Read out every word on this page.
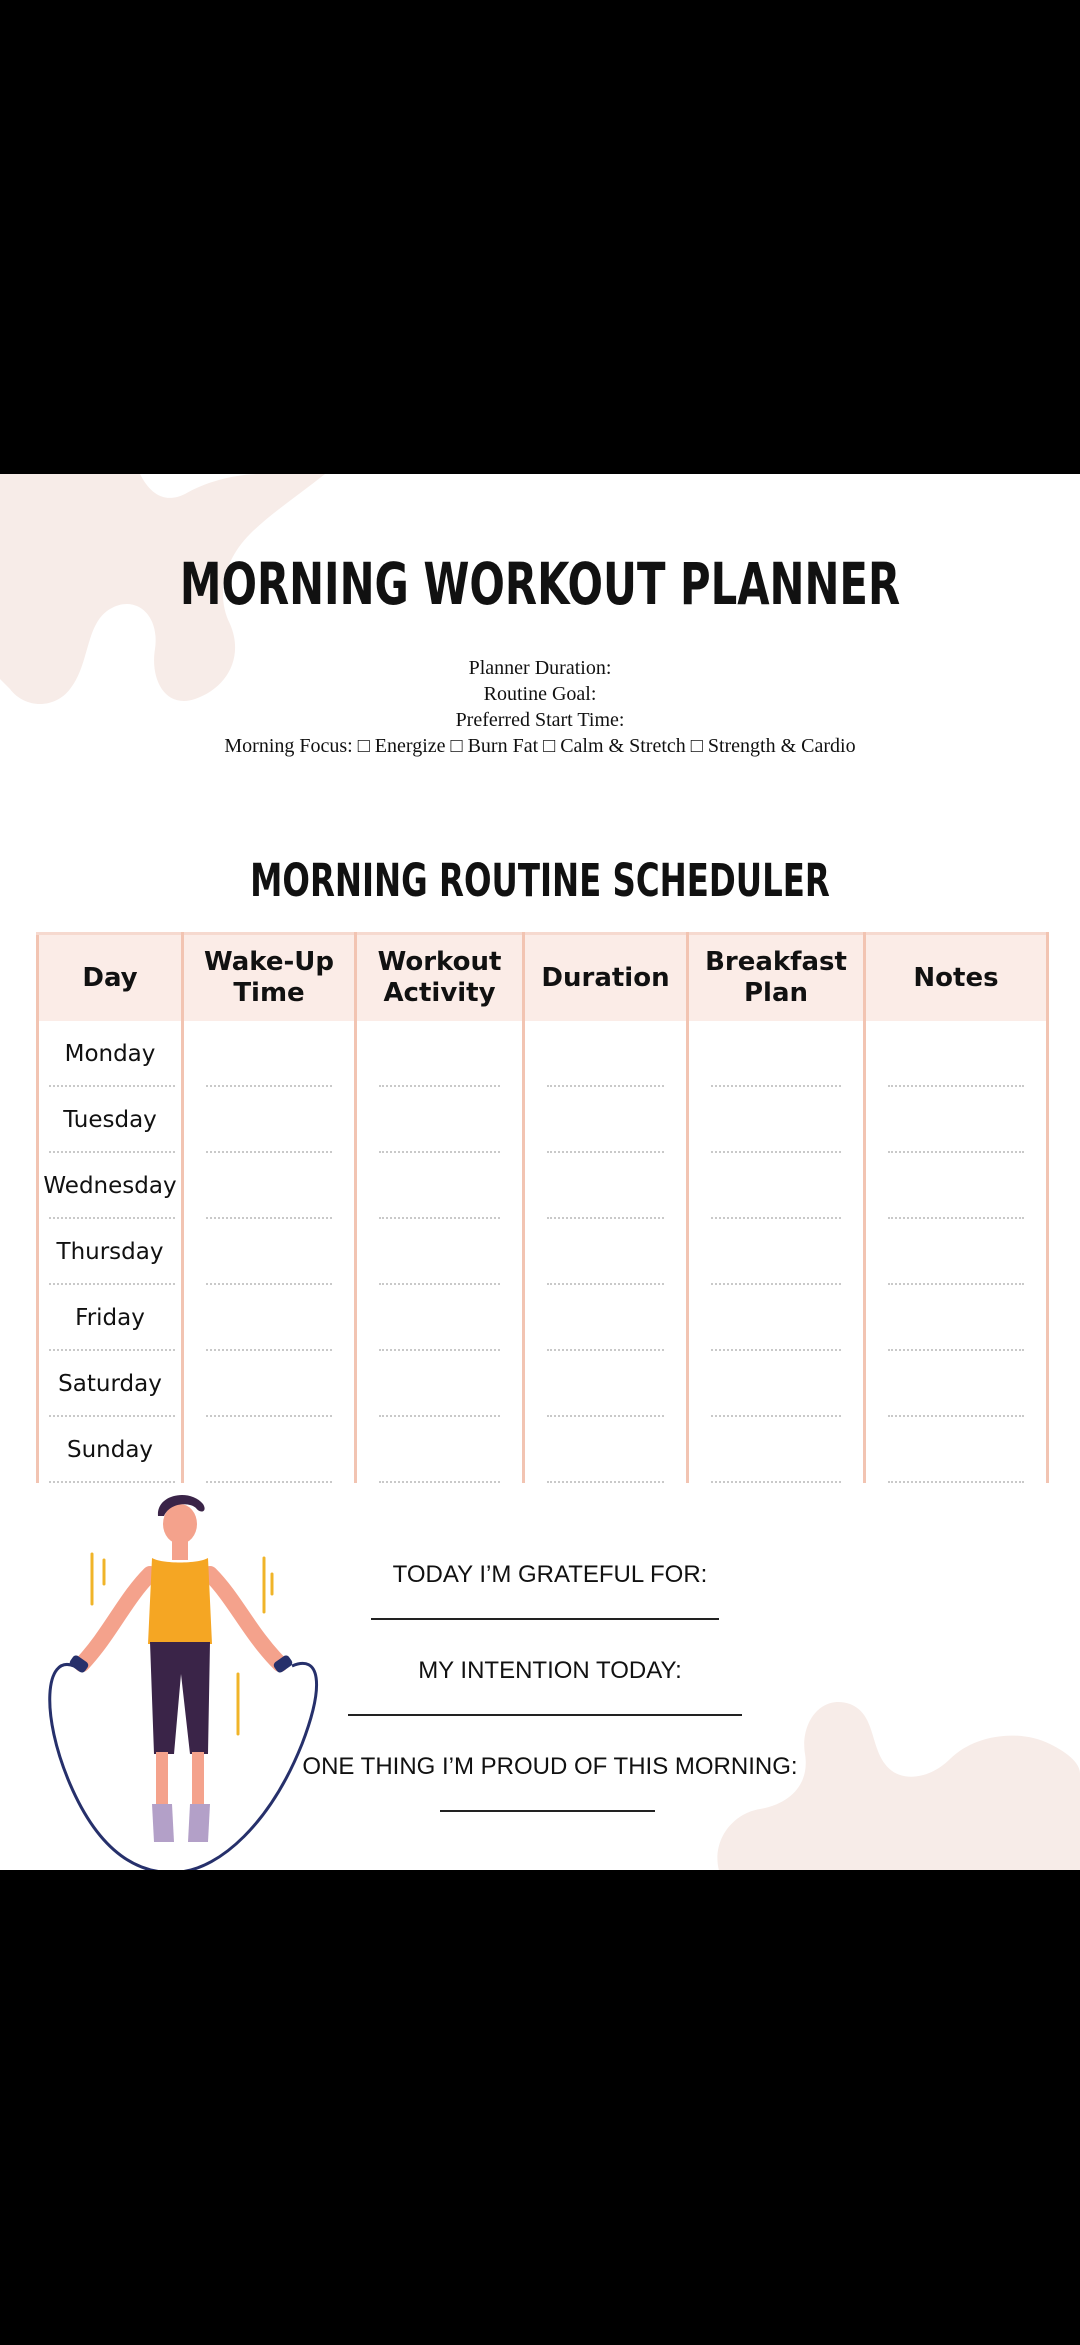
MORNING WORKOUT PLANNER
Planner Duration:
Routine Goal:
Preferred Start Time:
Morning Focus: □ Energize □ Burn Fat □ Calm & Stretch □ Strength & Cardio
MORNING ROUTINE SCHEDULER
Day	Wake-Up Time	Workout Activity	Duration	Breakfast Plan	Notes
Monday

Tuesday

Wednesday

Thursday

Friday

Saturday

Sunday

TODAY I’M GRATEFUL FOR:
MY INTENTION TODAY:
ONE THING I’M PROUD OF THIS MORNING:
